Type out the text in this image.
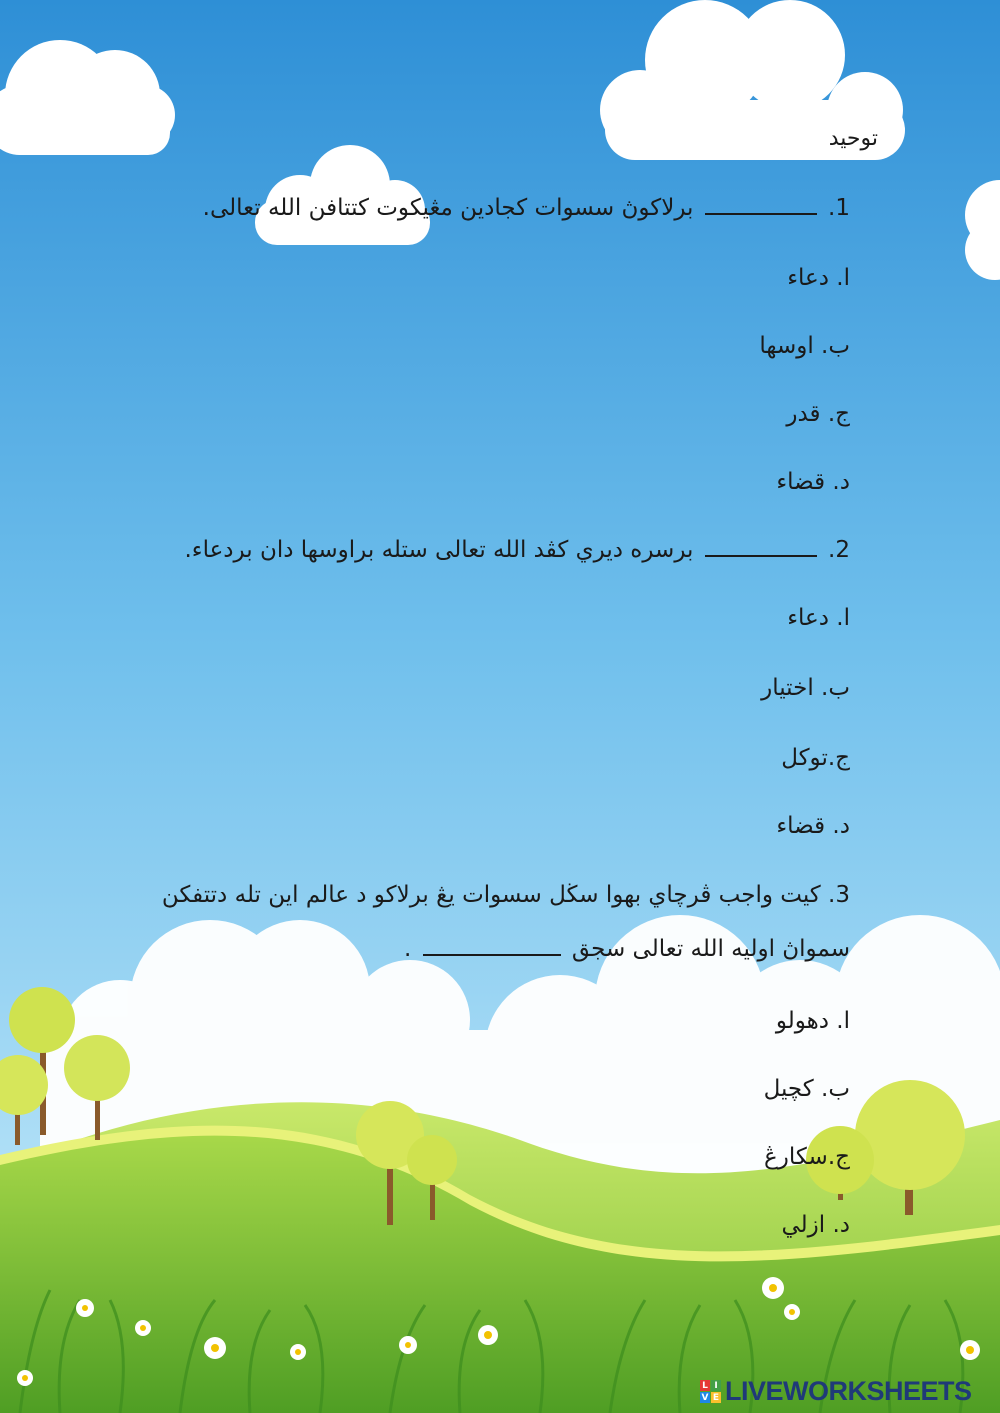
توحيد
1.  برلاکوڽ سسوات کجادين مڠيکوت کتتافن الله تعالى.
ا. دعاء
ب. اوسها
ج. قدر
د. قضاء
2.  برسره ديري کڤد الله تعالى ستله براوسها دان بردعاء.
ا. دعاء
ب. اختيار
ج.توکل
د. قضاء
3. کيت واجب ڤرچاي بهوا سڬل سسوات يڠ برلاکو د عالم اين تله دتتفکن
سمواڽ اوليه الله تعالى سجق  .
ا. دهولو
ب. کچيل
ج.سکارڠ
د. ازلي
L I
V E LIVEWORKSHEETS
